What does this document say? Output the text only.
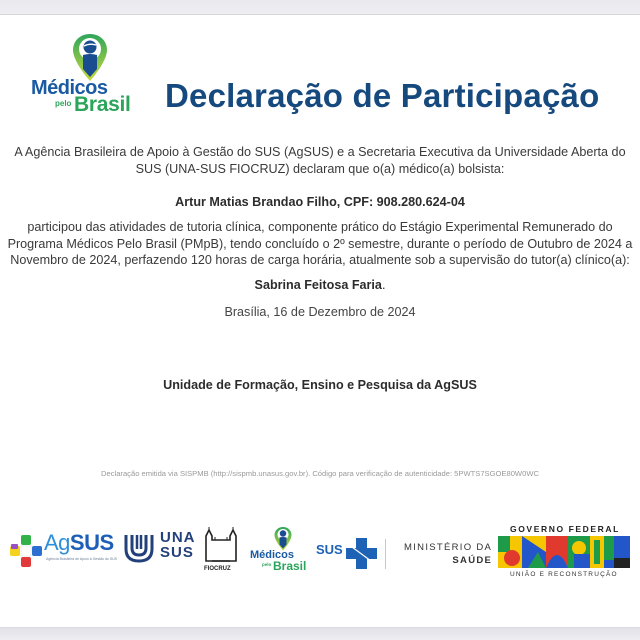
Médicos
pelo Brasil Declaração de Participação
A Agência Brasileira de Apoio à Gestão do SUS (AgSUS) e a Secretaria Executiva da Universidade Aberta do
SUS (UNA-SUS FIOCRUZ) declaram que o(a) médico(a) bolsista:
Artur Matias Brandao Filho, CPF: 908.280.624-04
participou das atividades de tutoria clínica, componente prático do Estágio Experimental Remunerado do
Programa Médicos Pelo Brasil (PMpB), tendo concluído o 2º semestre, durante o período de Outubro de 2024 a
Novembro de 2024, perfazendo 120 horas de carga horária, atualmente sob a supervisão do tutor(a) clínico(a):
Sabrina Feitosa Faria.
Brasília, 16 de Dezembro de 2024
Unidade de Formação, Ensino e Pesquisa da AgSUS
Declaração emitida via SISPMB (http://sispmb.unasus.gov.br). Código para verificação de autenticidade: 5PWTS7SGOE80W0WC
AgSUS
Agência Brasileira de Apoio à Gestão do SUS
UNA
SUS
FIOCRUZ
Médicos
pelo Brasil
SUS	MINISTÉRIO DA
SAÚDE
GOVERNO FEDERAL
UNIÃO E RECONSTRUÇÃO
